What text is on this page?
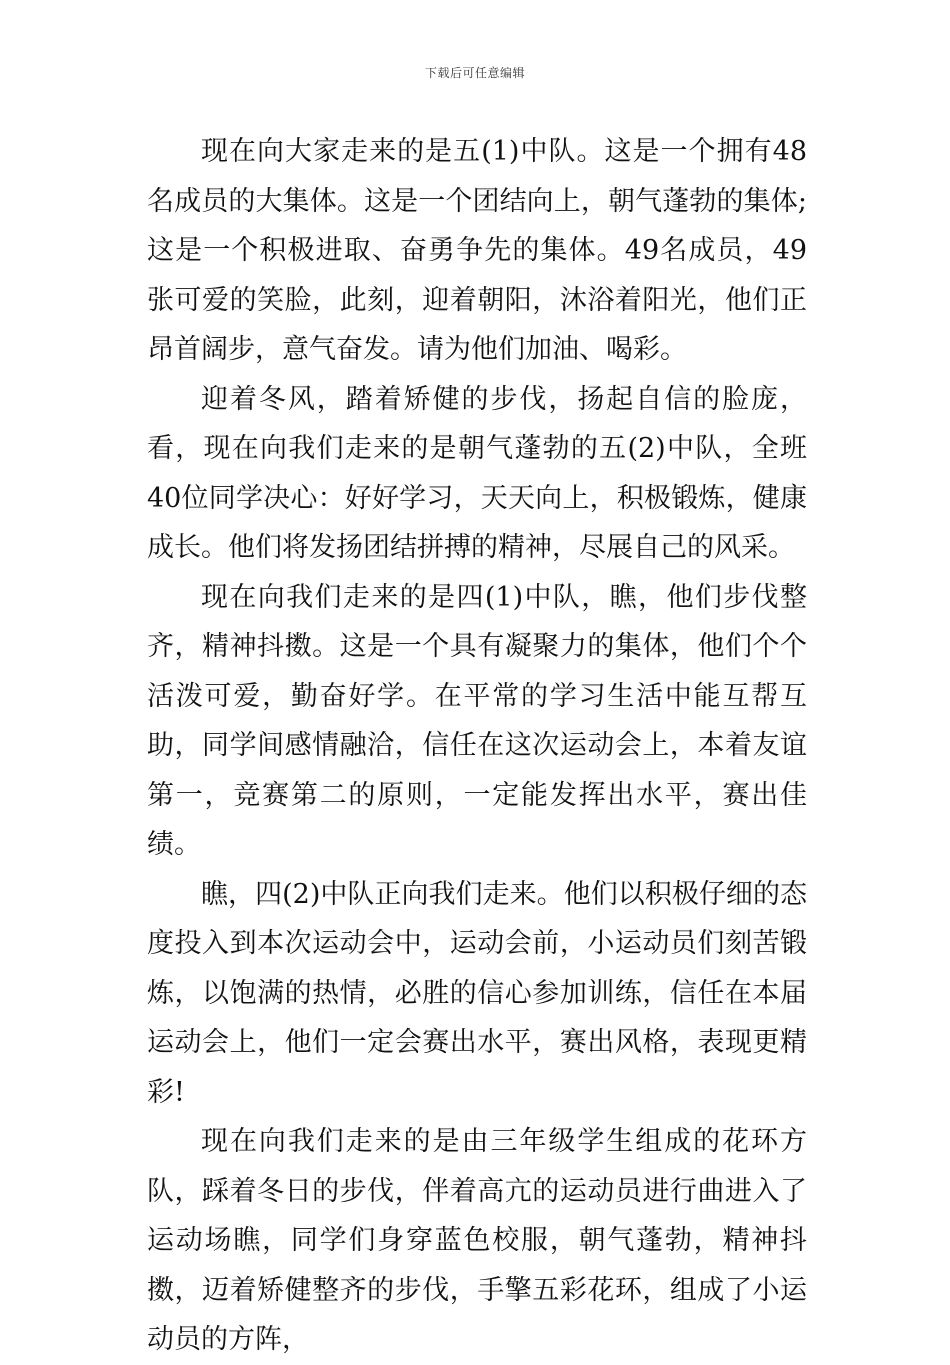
下载后可任意编辑

现在向大家走来的是五(1)中队。这是一个拥有48名成员的大集体。这是一个团结向上，朝气蓬勃的集体;这是一个积极进取、奋勇争先的集体。49名成员，49张可爱的笑脸，此刻，迎着朝阳，沐浴着阳光，他们正昂首阔步，意气奋发。请为他们加油、喝彩。

迎着冬风，踏着矫健的步伐，扬起自信的脸庞，看，现在向我们走来的是朝气蓬勃的五(2)中队，全班40位同学决心：好好学习，天天向上，积极锻炼，健康成长。他们将发扬团结拼搏的精神，尽展自己的风采。

现在向我们走来的是四(1)中队，瞧，他们步伐整齐，精神抖擞。这是一个具有凝聚力的集体，他们个个活泼可爱，勤奋好学。在平常的学习生活中能互帮互助，同学间感情融洽，信任在这次运动会上，本着友谊第一，竞赛第二的原则，一定能发挥出水平，赛出佳绩。

瞧，四(2)中队正向我们走来。他们以积极仔细的态度投入到本次运动会中，运动会前，小运动员们刻苦锻炼，以饱满的热情，必胜的信心参加训练，信任在本届运动会上，他们一定会赛出水平，赛出风格，表现更精彩!

现在向我们走来的是由三年级学生组成的花环方队，踩着冬日的步伐，伴着高亢的运动员进行曲进入了运动场瞧，同学们身穿蓝色校服，朝气蓬勃，精神抖擞，迈着矫健整齐的步伐，手擎五彩花环，组成了小运动员的方阵，
